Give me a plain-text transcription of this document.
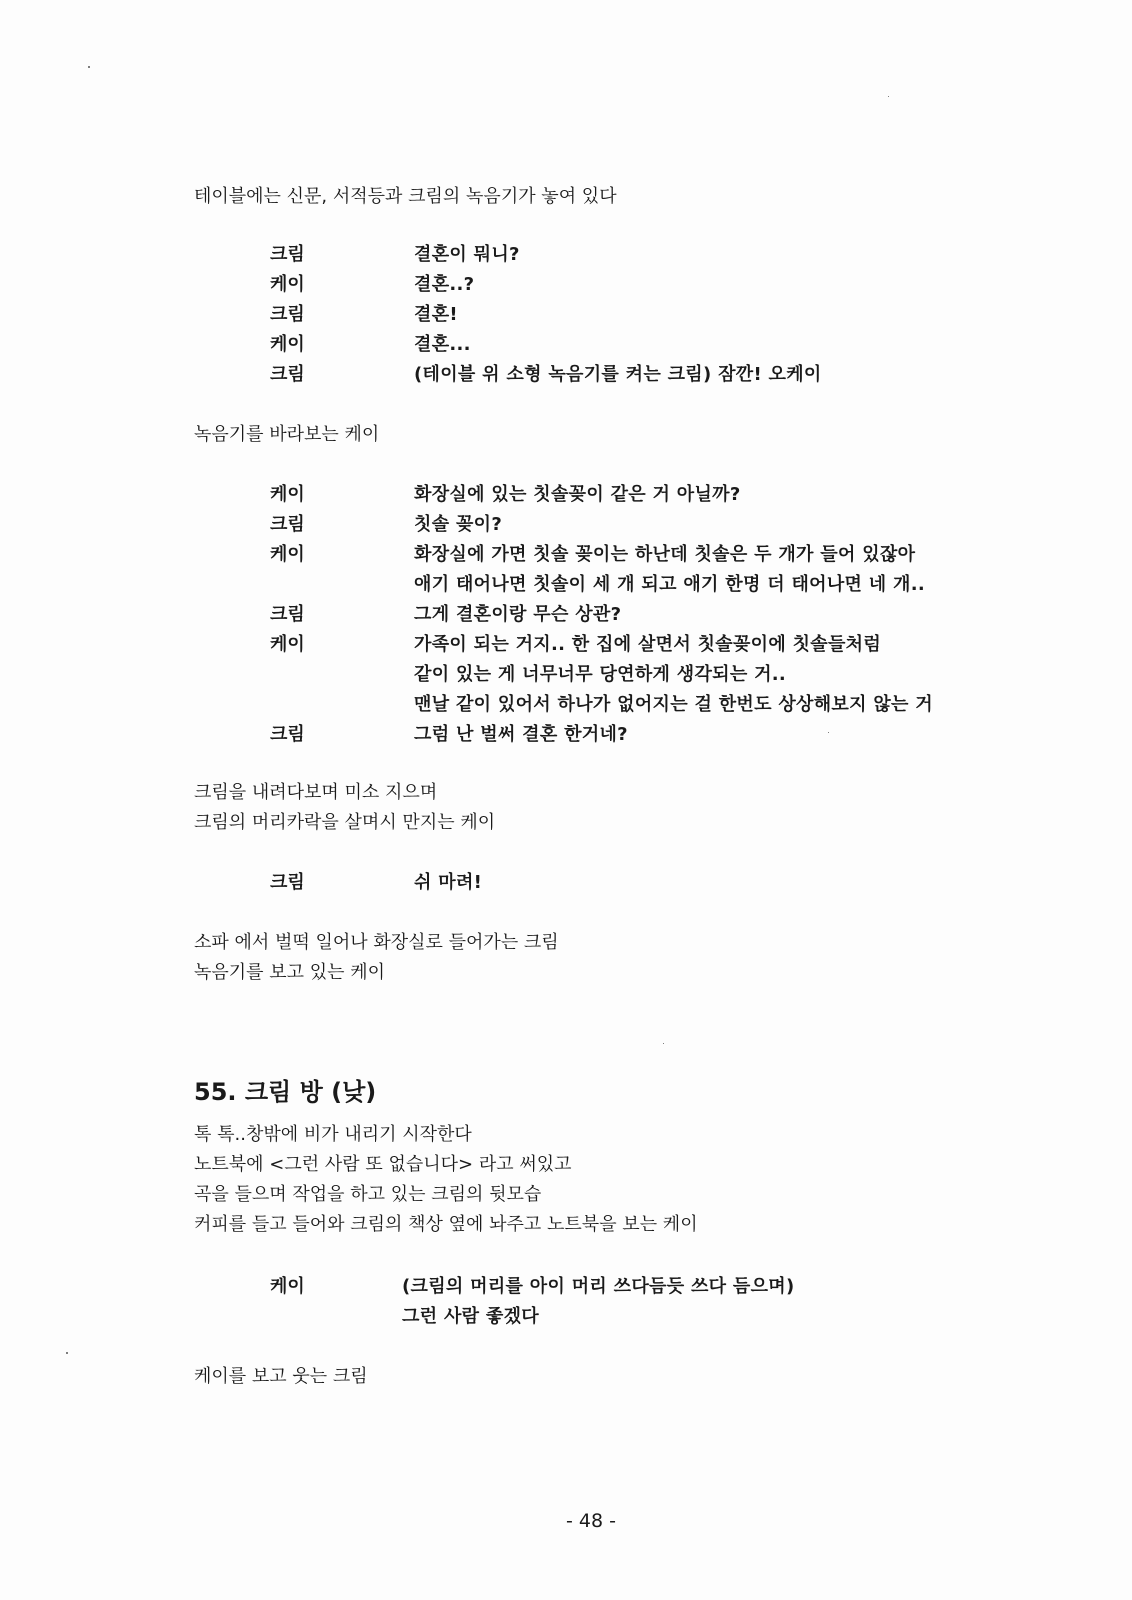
테이블에는 신문, 서적등과 크림의 녹음기가 놓여 있다
크림	결혼이 뭐니?
케이	결혼..?
크림	결혼!
케이	결혼...
크림	(테이블 위 소형 녹음기를 켜는 크림) 잠깐! 오케이
녹음기를 바라보는 케이
케이	화장실에 있는 칫솔꽂이 같은 거 아닐까?
크림	칫솔 꽂이?
케이	화장실에 가면 칫솔 꽂이는 하난데 칫솔은 두 개가 들어 있잖아
애기 태어나면 칫솔이 세 개 되고 애기 한명 더 태어나면 네 개..
크림	그게 결혼이랑 무슨 상관?
케이	가족이 되는 거지.. 한 집에 살면서 칫솔꽂이에 칫솔들처럼
같이 있는 게 너무너무 당연하게 생각되는 거..
맨날 같이 있어서 하나가 없어지는 걸 한번도 상상해보지 않는 거
크림	그럼 난 벌써 결혼 한거네?
크림을 내려다보며 미소 지으며
크림의 머리카락을 살며시 만지는 케이
크림	쉬 마려!
소파 에서 벌떡 일어나 화장실로 들어가는 크림
녹음기를 보고 있는 케이
55. 크림 방 (낮)
톡 톡..창밖에 비가 내리기 시작한다
노트북에 <그런 사람 또 없습니다> 라고 써있고
곡을 들으며 작업을 하고 있는 크림의 뒷모습
커피를 들고 들어와 크림의 책상 옆에 놔주고 노트북을 보는 케이
케이	(크림의 머리를 아이 머리 쓰다듬듯 쓰다 듬으며)
그런 사람 좋겠다
케이를 보고 웃는 크림
- 48 -
